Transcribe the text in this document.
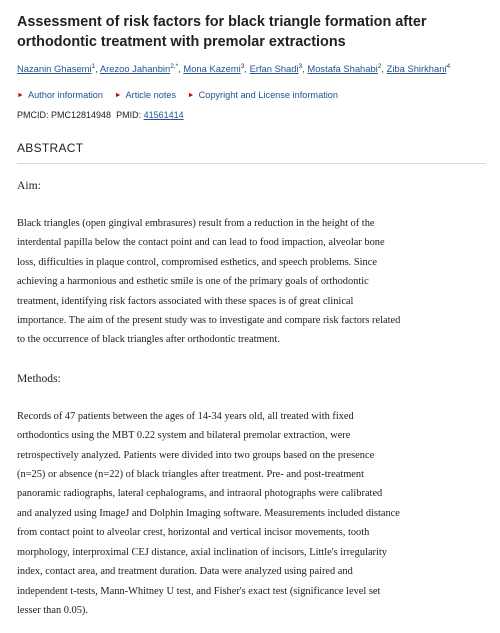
Assessment of risk factors for black triangle formation after orthodontic treatment with premolar extractions
Nazanin Ghasemi$^1$, Arezoo Jahanbin$^{2,*}$, Mona Kazemi$^3$, Erfan Shadi$^3$, Mostafa Shahabi$^2$, Ziba Shirkhani$^4$
► Author information ► Article notes ► Copyright and License information
PMCID: PMC12814948 PMID: 41561414
ABSTRACT
Aim:
Black triangles (open gingival embrasures) result from a reduction in the height of the
interdental papilla below the contact point and can lead to food impaction, alveolar bone
loss, difficulties in plaque control, compromised esthetics, and speech problems. Since
achieving a harmonious and esthetic smile is one of the primary goals of orthodontic
treatment, identifying risk factors associated with these spaces is of great clinical
importance. The aim of the present study was to investigate and compare risk factors related
to the occurrence of black triangles after orthodontic treatment.
Methods:
Records of 47 patients between the ages of 14-34 years old, all treated with fixed
orthodontics using the MBT 0.22 system and bilateral premolar extraction, were
retrospectively analyzed. Patients were divided into two groups based on the presence
(n=25) or absence (n=22) of black triangles after treatment. Pre- and post-treatment
panoramic radiographs, lateral cephalograms, and intraoral photographs were calibrated
and analyzed using ImageJ and Dolphin Imaging software. Measurements included distance
from contact point to alveolar crest, horizontal and vertical incisor movements, tooth
morphology, interproximal CEJ distance, axial inclination of incisors, Little's irregularity
index, contact area, and treatment duration. Data were analyzed using paired and
independent t-tests, Mann-Whitney U test, and Fisher's exact test (significance level set
lesser than 0.05).
